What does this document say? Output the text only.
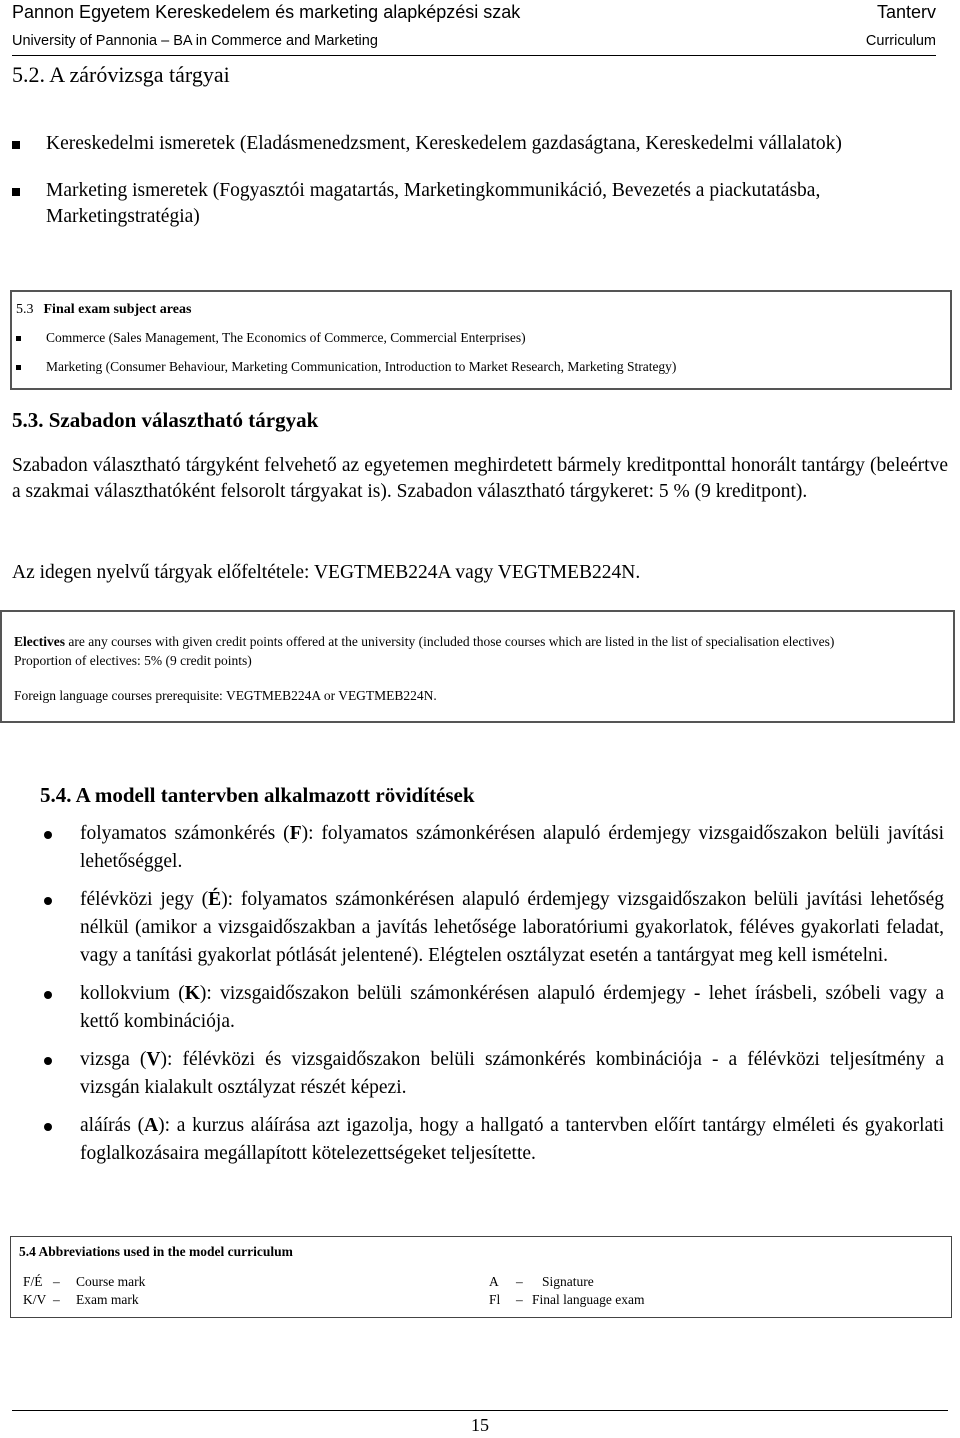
Pannon Egyetem Kereskedelem és marketing alapképzési szak	Tanterv
University of Pannonia – BA in Commerce and Marketing	Curriculum
5.2. A záróvizsga tárgyai
Kereskedelmi ismeretek (Eladásmenedzsment, Kereskedelem gazdaságtana, Kereskedelmi vállalatok)
Marketing ismeretek (Fogyasztói magatartás, Marketingkommunikáció, Bevezetés a piackutatásba, Marketingstratégia)
5.3 Final exam subject areas
Commerce (Sales Management, The Economics of Commerce, Commercial Enterprises)
Marketing (Consumer Behaviour, Marketing Communication, Introduction to Market Research, Marketing Strategy)
5.3. Szabadon választható tárgyak

Szabadon választható tárgyként felvehető az egyetemen meghirdetett bármely kreditponttal honorált tantárgy (beleértve a szakmai választhatóként felsorolt tárgyakat is). Szabadon választható tárgykeret: 5 % (9 kreditpont).

Az idegen nyelvű tárgyak előfeltétele: VEGTMEB224A vagy VEGTMEB224N.

Electives are any courses with given credit points offered at the university (included those courses which are listed in the list of specialisation electives)
Proportion of electives: 5% (9 credit points)
Foreign language courses prerequisite: VEGTMEB224A or VEGTMEB224N.
5.4. A modell tantervben alkalmazott rövidítések
folyamatos számonkérés (F): folyamatos számonkérésen alapuló érdemjegy vizsgaidőszakon belüli javítási lehetőséggel.
félévközi jegy (É): folyamatos számonkérésen alapuló érdemjegy vizsgaidőszakon belüli javítási lehetőség nélkül (amikor a vizsgaidőszakban a javítás lehetősége laboratóriumi gyakorlatok, féléves gyakorlati feladat, vagy a tanítási gyakorlat pótlását jelentené). Elégtelen osztályzat esetén a tantárgyat meg kell ismételni.
kollokvium (K): vizsgaidőszakon belüli számonkérésen alapuló érdemjegy - lehet írásbeli, szóbeli vagy a kettő kombinációja.
vizsga (V): félévközi és vizsgaidőszakon belüli számonkérés kombinációja - a félévközi teljesítmény a vizsgán kialakult osztályzat részét képezi.
aláírás (A): a kurzus aláírása azt igazolja, hogy a hallgató a tantervben előírt tantárgy elméleti és gyakorlati foglalkozásaira megállapított kötelezettségeket teljesítette.
5.4 Abbreviations used in the model curriculum
F/É – Course mark	A – Signature
K/V – Exam mark	Fl – Final language exam
15
